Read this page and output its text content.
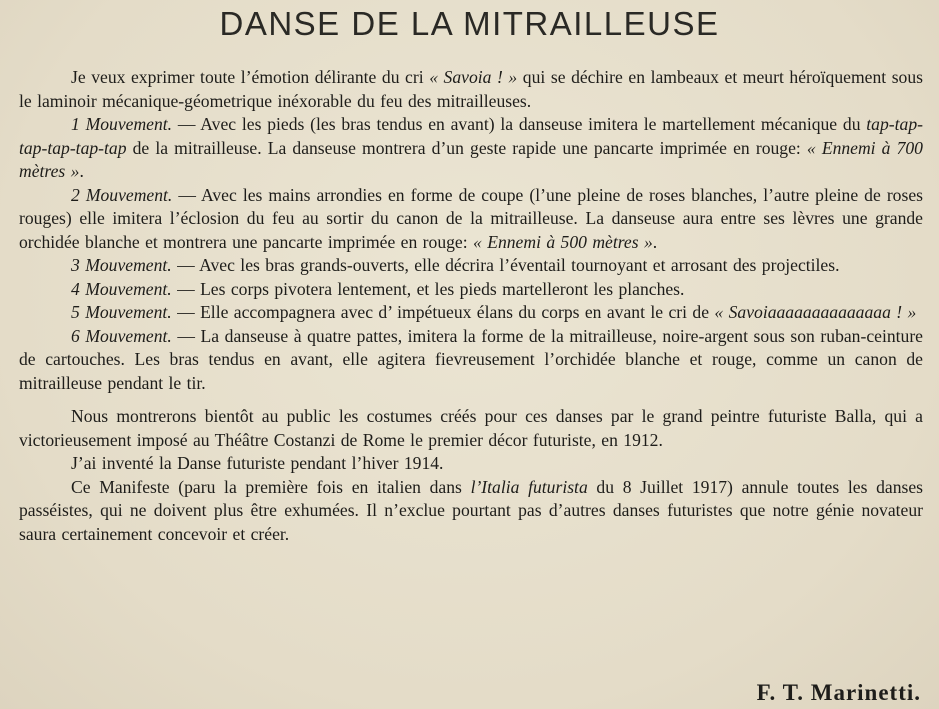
DANSE DE LA MITRAILLEUSE

Je veux exprimer toute l’émotion délirante du cri « Savoia ! » qui se déchire en lambeaux et meurt héroïquement sous le laminoir mécanique-géometrique inéxorable du feu des mitrailleuses.

1 Mouvement. — Avec les pieds (les bras tendus en avant) la danseuse imitera le martellement mécanique du tap-tap-tap-tap-tap-tap de la mitrailleuse. La danseuse montrera d’un geste rapide une pancarte imprimée en rouge: « Ennemi à 700 mètres ».

2 Mouvement. — Avec les mains arrondies en forme de coupe (l’une pleine de roses blanches, l’autre pleine de roses rouges) elle imitera l’éclosion du feu au sortir du canon de la mitrailleuse. La danseuse aura entre ses lèvres une grande orchidée blanche et montrera une pancarte imprimée en rouge: « Ennemi à 500 mètres ».

3 Mouvement. — Avec les bras grands-ouverts, elle décrira l’éventail tournoyant et arrosant des projectiles.

4 Mouvement. — Les corps pivotera lentement, et les pieds martelleront les planches.

5 Mouvement. — Elle accompagnera avec d’ impétueux élans du corps en avant le cri de « Savoiaaaaaaaaaaaaaa ! »

6 Mouvement. — La danseuse à quatre pattes, imitera la forme de la mitrailleuse, noire-argent sous son ruban-ceinture de cartouches. Les bras tendus en avant, elle agitera fievreusement l’orchidée blanche et rouge, comme un canon de mitrailleuse pendant le tir.

Nous montrerons bientôt au public les costumes créés pour ces danses par le grand peintre futuriste Balla, qui a victorieusement imposé au Théâtre Costanzi de Rome le premier décor futuriste, en 1912.

J’ai inventé la Danse futuriste pendant l’hiver 1914.

Ce Manifeste (paru la première fois en italien dans l’Italia futurista du 8 Juillet 1917) annule toutes les danses passéistes, qui ne doivent plus être exhumées. Il n’exclue pourtant pas d’autres danses futuristes que notre génie novateur saura certainement concevoir et créer.

F. T. Marinetti.
